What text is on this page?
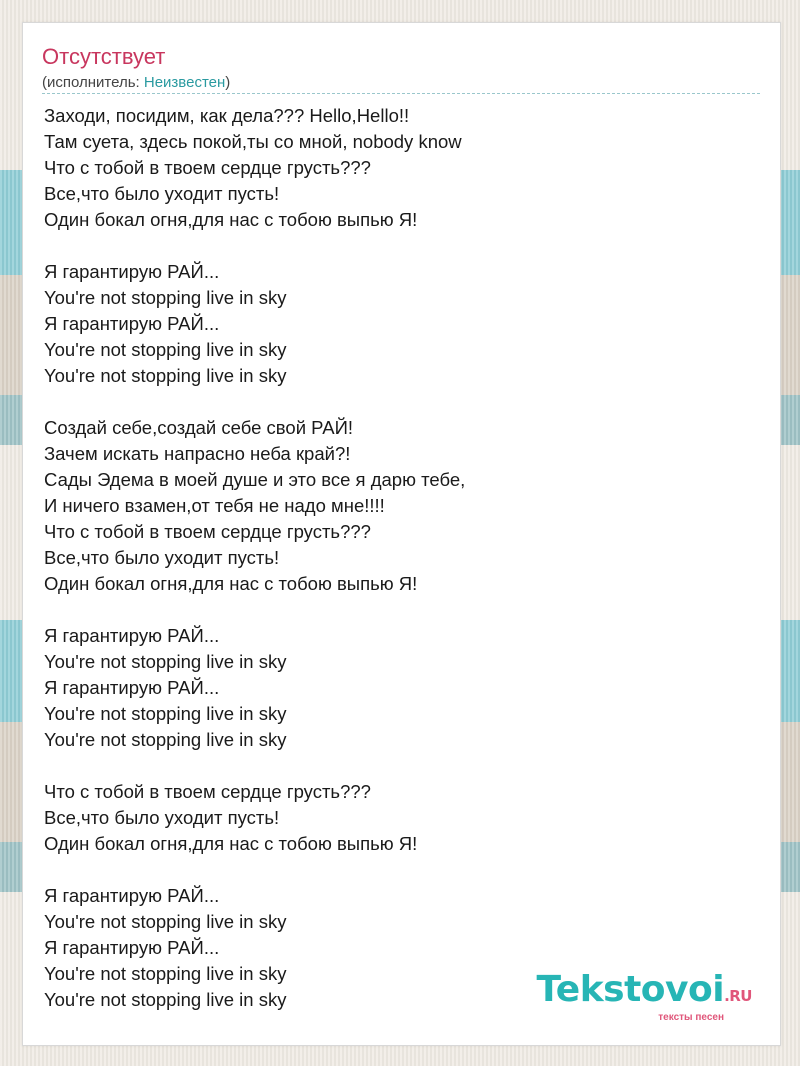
Отсутствует
(исполнитель: Неизвестен)
Заходи, посидим, как дела??? Hello,Hello!!
Там суета, здесь покой,ты со мной, nobody know
Что с тобой в твоем сердце грусть???
Все,что было уходит пусть!
Один бокал огня,для нас с тобою выпью Я!
Я гарантирую РАЙ...
You're not stopping live in sky
Я гарантирую РАЙ...
You're not stopping live in sky
You're not stopping live in sky
Создай себе,создай себе свой РАЙ!
Зачем искать напрасно неба край?!
Сады Эдема в моей душе и это все я дарю тебе,
И ничего взамен,от тебя не надо мне!!!!
Что с тобой в твоем сердце грусть???
Все,что было уходит пусть!
Один бокал огня,для нас с тобою выпью Я!
Я гарантирую РАЙ...
You're not stopping live in sky
Я гарантирую РАЙ...
You're not stopping live in sky
You're not stopping live in sky
Что с тобой в твоем сердце грусть???
Все,что было уходит пусть!
Один бокал огня,для нас с тобою выпью Я!
Я гарантирую РАЙ...
You're not stopping live in sky
Я гарантирую РАЙ...
You're not stopping live in sky
You're not stopping live in sky	Tekstovoi.RU
тексты песен
